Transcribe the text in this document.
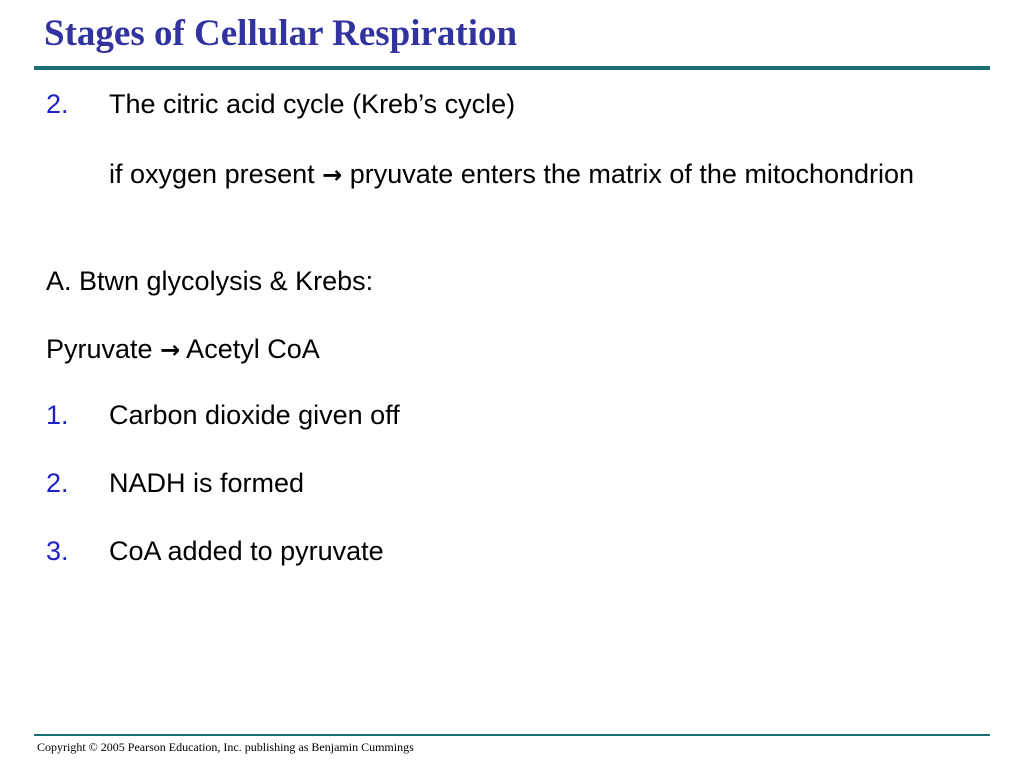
Stages of Cellular Respiration
2.	The citric acid cycle (Kreb’s cycle)
if oxygen present → pryuvate enters the matrix of the mitochondrion
A. Btwn glycolysis & Krebs:
Pyruvate → Acetyl CoA
1.	Carbon dioxide given off
2.	NADH is formed
3.	CoA added to pyruvate
Copyright © 2005 Pearson Education, Inc. publishing as Benjamin Cummings
